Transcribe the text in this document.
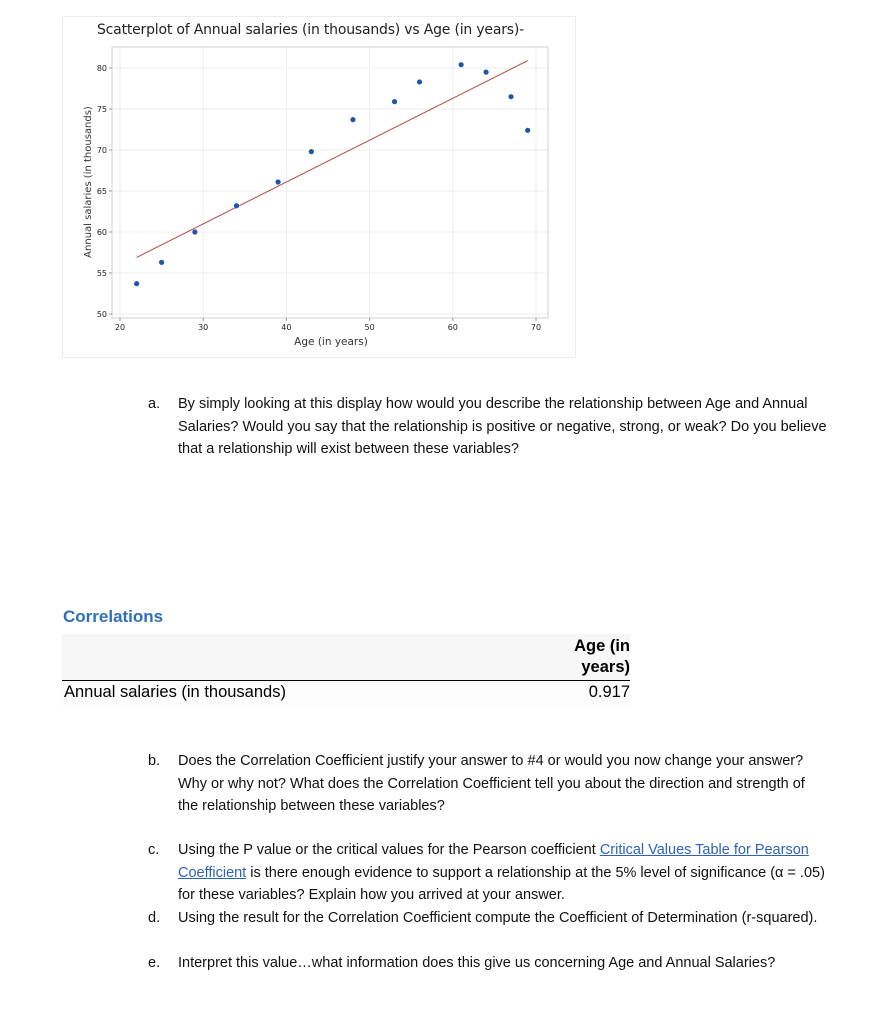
Scatterplot of Annual salaries (in thousands) vs Age (in years)-
20	30	40	50	60	70
50
55
60
65
70
75
80
Age (in years)
Annual salaries (in thousands)
a. By simply looking at this display how would you describe the relationship between Age and Annual Salaries? Would you say that the relationship is positive or negative, strong, or weak? Do you believe that a relationship will exist between these variables?
Correlations
Age (in
years)
Annual salaries (in thousands)	0.917
b. Does the Correlation Coefficient justify your answer to #4 or would you now change your answer? Why or why not? What does the Correlation Coefficient tell you about the direction and strength of the relationship between these variables?
c. Using the P value or the critical values for the Pearson coefficient Critical Values Table for Pearson Coefficient is there enough evidence to support a relationship at the 5% level of significance (α = .05) for these variables? Explain how you arrived at your answer.
d. Using the result for the Correlation Coefficient compute the Coefficient of Determination (r-squared).
e. Interpret this value…what information does this give us concerning Age and Annual Salaries?
